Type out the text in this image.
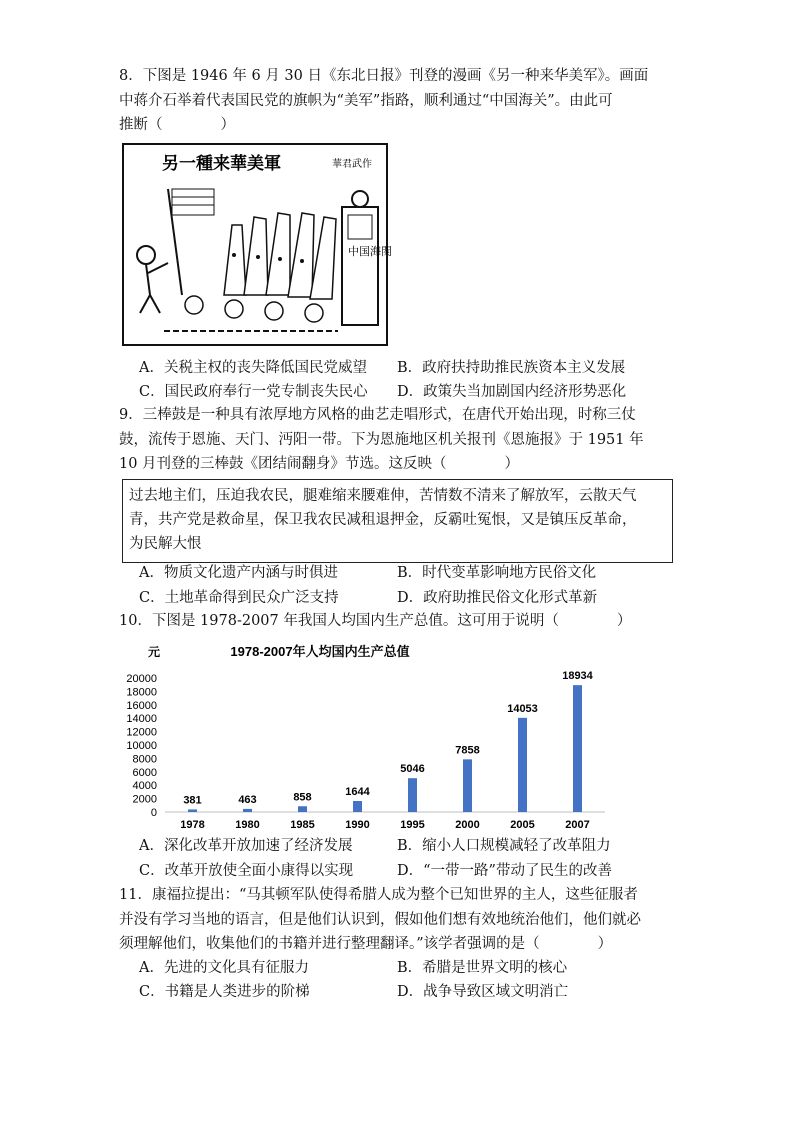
8．下图是 1946 年 6 月 30 日《东北日报》刊登的漫画《另一种来华美军》。画面
中蒋介石举着代表国民党的旗帜为“美军”指路，顺利通过“中国海关”。由此可
推断（　　　　）
另一種来華美軍	華君武作
中国海関
A．关税主权的丧失降低国民党威望 B．政府扶持助推民族资本主义发展
C．国民政府奉行一党专制丧失民心 D．政策失当加剧国内经济形势恶化
9．三棒鼓是一种具有浓厚地方风格的曲艺走唱形式，在唐代开始出现，时称三仗
鼓，流传于恩施、天门、沔阳一带。下为恩施地区机关报刊《恩施报》于 1951 年
10 月刊登的三棒鼓《团结闹翻身》节选。这反映（　　　　）
过去地主们，压迫我农民，腿难缩来腰难伸，苦情数不清来了解放军，云散天气
青，共产党是救命星，保卫我农民减租退押金，反霸吐冤恨，又是镇压反革命，
为民解大恨
A．物质文化遗产内涵与时俱进	B．时代变革影响地方民俗文化
C．土地革命得到民众广泛支持	D．政府助推民俗文化形式革新
10．下图是 1978-2007 年我国人均国内生产总值。这可用于说明（　　　　）
元	1978-2007年人均国内生产总值
0
2000
4000
6000
8000
10000
12000
14000
16000
18000
20000
1978	1980	1985	1990	1995	2000	2005	2007
381	463	858	1644
5046
7858
14053
18934
A．深化改革开放加速了经济发展	B．缩小人口规模减轻了改革阻力
C．改革开放使全面小康得以实现	D．“一带一路”带动了民生的改善
11．康福拉提出：“马其顿军队使得希腊人成为整个已知世界的主人，这些征服者
并没有学习当地的语言，但是他们认识到，假如他们想有效地统治他们，他们就必
须理解他们，收集他们的书籍并进行整理翻译。”该学者强调的是（　　　　）
A．先进的文化具有征服力	B．希腊是世界文明的核心
C．书籍是人类进步的阶梯	D．战争导致区域文明消亡
